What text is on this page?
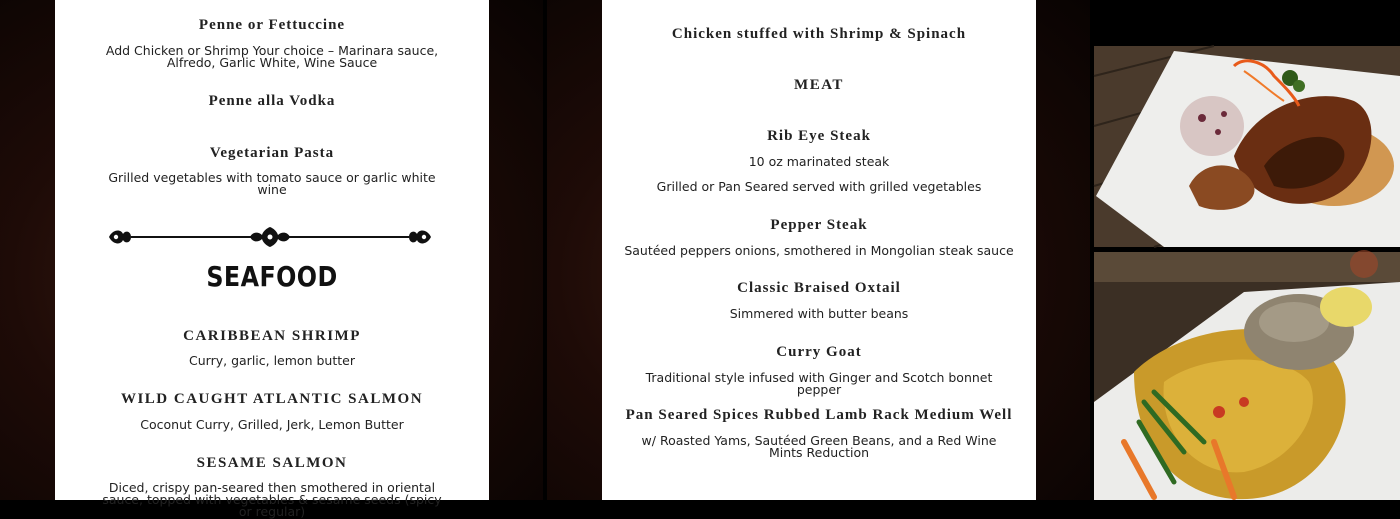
Penne or Fettuccine
Add Chicken or Shrimp Your choice – Marinara sauce, Alfredo, Garlic White, Wine Sauce
Penne alla Vodka
Vegetarian Pasta
Grilled vegetables with tomato sauce or garlic white wine
SEAFOOD
CARIBBEAN SHRIMP
Curry, garlic, lemon butter
WILD CAUGHT ATLANTIC SALMON
Coconut Curry, Grilled, Jerk, Lemon Butter
SESAME SALMON
Diced, crispy pan-seared then smothered in oriental sauce, topped with vegetables & sesame seeds (spicy or regular)
Chicken stuffed with Shrimp & Spinach
MEAT
Rib Eye Steak
10 oz marinated steak
Grilled or Pan Seared served with grilled vegetables
Pepper Steak
Sautéed peppers onions, smothered in Mongolian steak sauce
Classic Braised Oxtail
Simmered with butter beans
Curry Goat
Traditional style infused with Ginger and Scotch bonnet pepper
Pan Seared Spices Rubbed Lamb Rack Medium Well
w/ Roasted Yams, Sautéed Green Beans, and a Red Wine Mints Reduction
